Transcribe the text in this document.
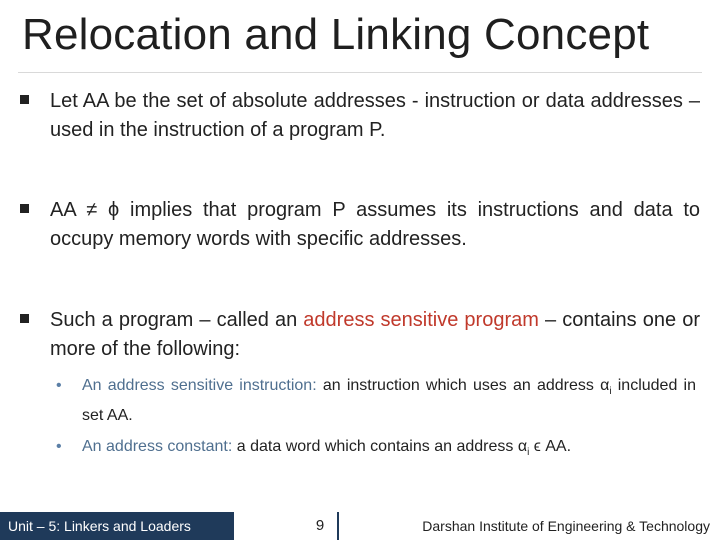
Relocation and Linking Concept
Let AA be the set of absolute addresses - instruction or data addresses – used in the instruction of a program P.
AA ≠ ϕ implies that program P assumes its instructions and data to occupy memory words with specific addresses.
Such a program – called an address sensitive program – contains one or more of the following:
• An address sensitive instruction: an instruction which uses an address $\alpha_i$ included in set AA.
• An address constant: a data word which contains an address $\alpha_i$ ϵ AA.
Unit – 5: Linkers and Loaders	9	Darshan Institute of Engineering & Technology
